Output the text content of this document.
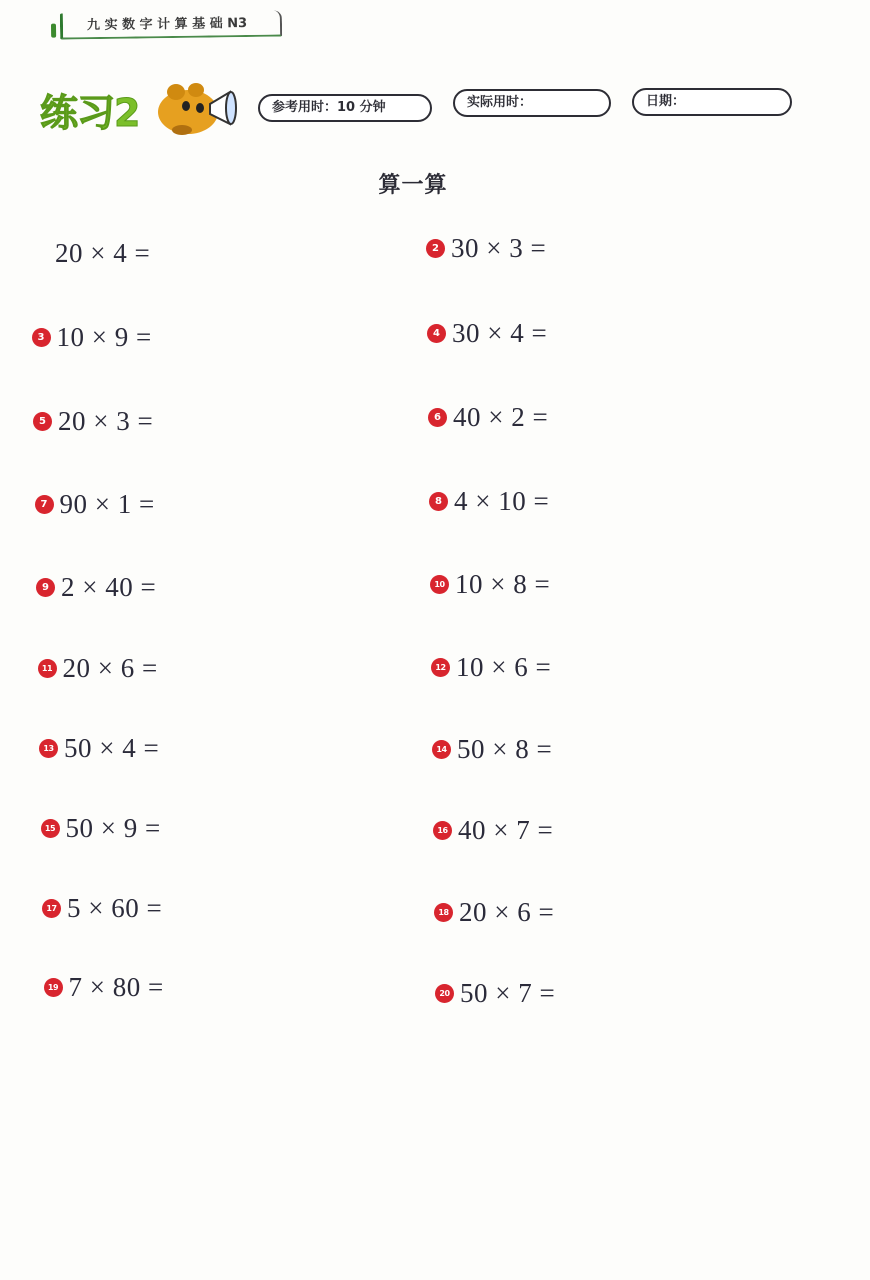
九 实 数 字 计 算 基 础 N3
练习2	参考用时：10 分钟	实际用时：	日期：
算一算
20 × 4 =	2 30 × 3 =
3 10 × 9 =	4 30 × 4 =
5 20 × 3 =	6 40 × 2 =
7 90 × 1 =	8 4 × 10 =
9 2 × 40 =	10 10 × 8 =
11 20 × 6 =	12 10 × 6 =
13 50 × 4 =	14 50 × 8 =
15 50 × 9 =	16 40 × 7 =
17 5 × 60 =	18 20 × 6 =
19 7 × 80 =	20 50 × 7 =
